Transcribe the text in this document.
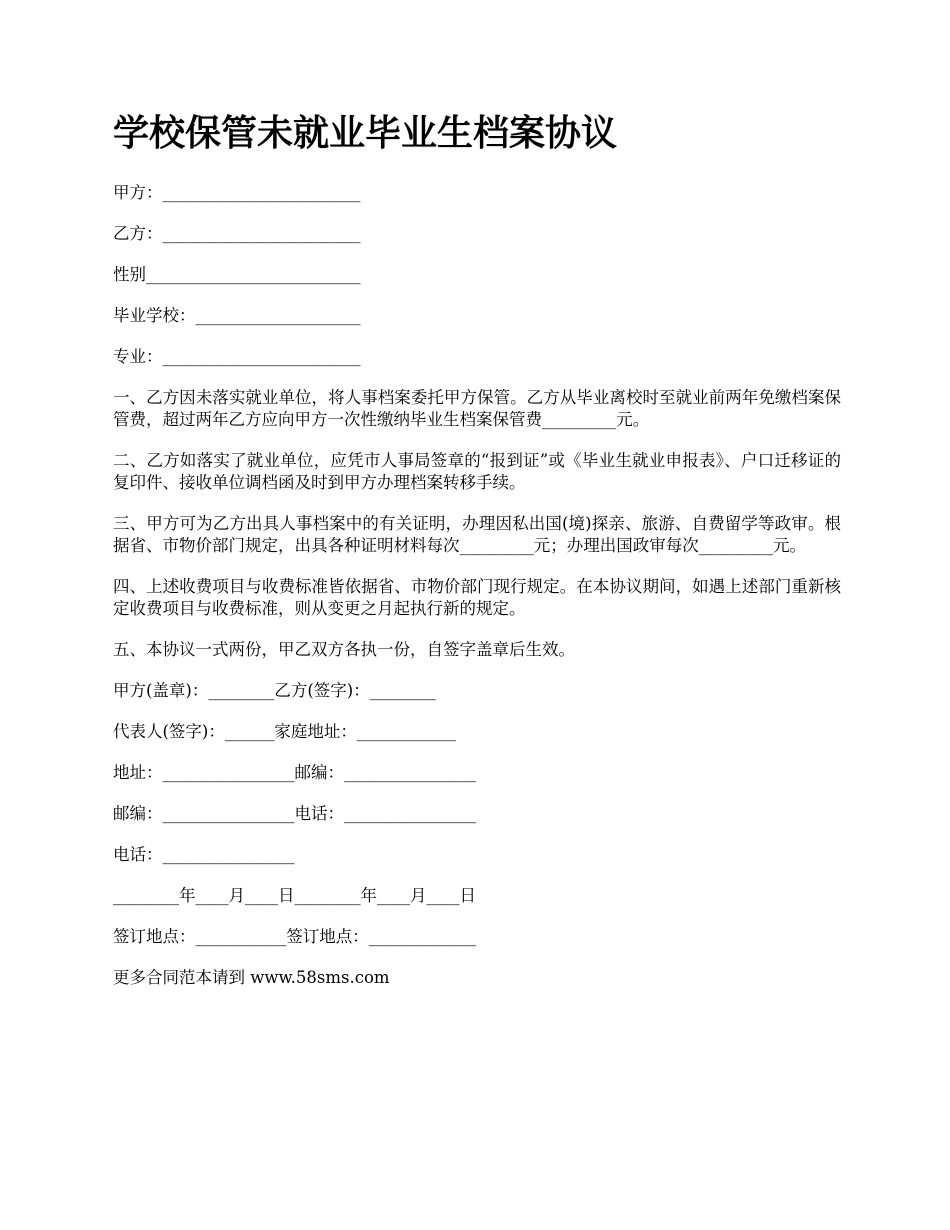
学校保管未就业毕业生档案协议

甲方：________________________

乙方：________________________

性别__________________________

毕业学校：____________________

专业：________________________

一、乙方因未落实就业单位，将人事档案委托甲方保管。乙方从毕业离校时至就业前两年免缴档案保管费，超过两年乙方应向甲方一次性缴纳毕业生档案保管费_________元。

二、乙方如落实了就业单位，应凭市人事局签章的“报到证”或《毕业生就业申报表》、户口迁移证的复印件、接收单位调档函及时到甲方办理档案转移手续。

三、甲方可为乙方出具人事档案中的有关证明，办理因私出国(境)探亲、旅游、自费留学等政审。根据省、市物价部门规定，出具各种证明材料每次_________元；办理出国政审每次_________元。

四、上述收费项目与收费标准皆依据省、市物价部门现行规定。在本协议期间，如遇上述部门重新核定收费项目与收费标准，则从变更之月起执行新的规定。

五、本协议一式两份，甲乙双方各执一份，自签字盖章后生效。

甲方(盖章)：________乙方(签字)：________

代表人(签字)：______家庭地址：____________

地址：________________邮编：________________

邮编：________________电话：________________

电话：________________

________年____月____日________年____月____日

签订地点：___________签订地点：_____________

更多合同范本请到 www.58sms.com
